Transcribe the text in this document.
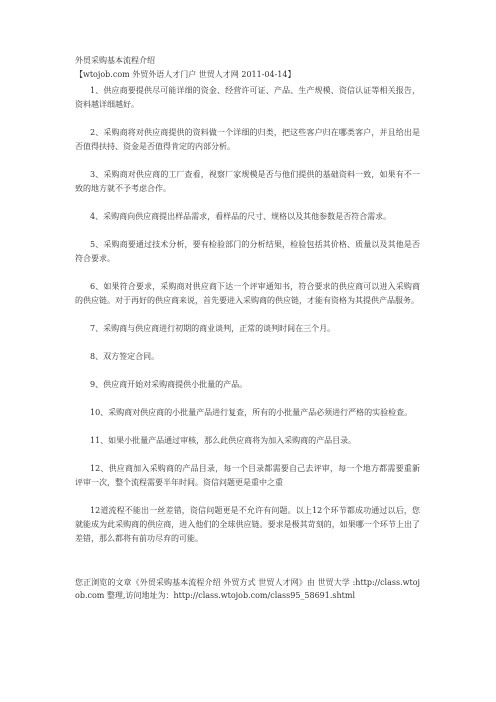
外贸采购基本流程介绍
【wtojob.com 外贸外语人才门户 世贸人才网 2011-04-14】

1、供应商要提供尽可能详细的资金、经营许可证、产品、生产规模、资信认证等相关报告，资料越详细越好。

2、采购商将对供应商提供的资料做一个详细的归类，把这些客户归在哪类客户，并且给出是否值得扶持、资金是否值得肯定的内部分析。

3、采购商对供应商的工厂查看，视察厂家规模是否与他们提供的基础资料一致，如果有不一致的地方就不予考虑合作。

4、采购商向供应商提出样品需求，看样品的尺寸、规格以及其他参数是否符合需求。

5、采购商要通过技术分析，要有检验部门的分析结果，检验包括其价格、质量以及其他是否符合要求。

6、如果符合要求，采购商对供应商下达一个评审通知书，符合要求的供应商可以进入采购商的供应链。对于再好的供应商来说，首先要进入采购商的供应链，才能有资格为其提供产品服务。

7、采购商与供应商进行初期的商业谈判，正常的谈判时间在三个月。

8、双方签定合同。

9、供应商开始对采购商提供小批量的产品。

10、采购商对供应商的小批量产品进行复查，所有的小批量产品必须进行严格的实验检查。

11、如果小批量产品通过审核，那么此供应商将为加入采购商的产品目录。

12、供应商加入采购商的产品目录，每一个目录都需要自己去评审，每一个地方都需要重新评审一次，整个流程需要半年时间。资信问题更是重中之重

12道流程不能出一丝差错，资信问题更是不允许有问题。以上12个环节都成功通过以后，您就能成为此采购商的供应商，进入他们的全球供应链。要求是极其苛刻的，如果哪一个环节上出了差错，那么都将有前功尽弃的可能。

您正浏览的文章《外贸采购基本流程介绍 外贸方式 世贸人才网》由 世贸大学 :http://class.wtojob.com 整理,访问地址为：http://class.wtojob.com/class95_58691.shtml
